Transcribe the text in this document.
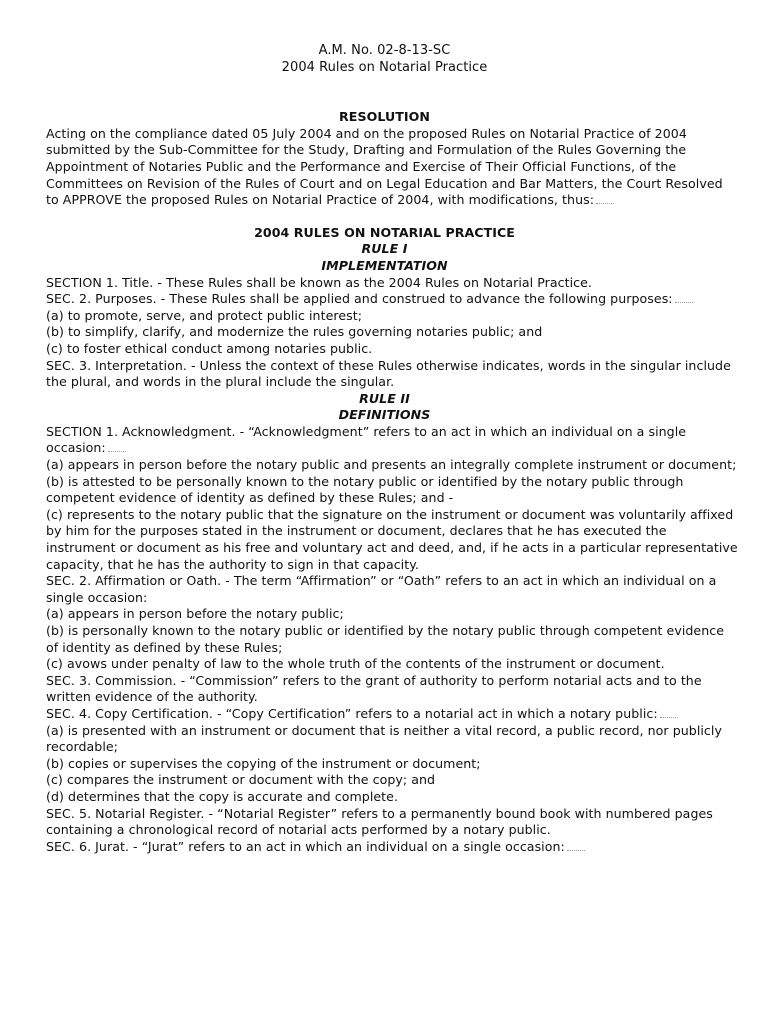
A.M. No. 02-8-13-SC
2004 Rules on Notarial Practice
RESOLUTION

Acting on the compliance dated 05 July 2004 and on the proposed Rules on Notarial Practice of 2004 submitted by the Sub-Committee for the Study, Drafting and Formulation of the Rules Governing the Appointment of Notaries Public and the Performance and Exercise of Their Official Functions, of the Committees on Revision of the Rules of Court and on Legal Education and Bar Matters, the Court Resolved to APPROVE the proposed Rules on Notarial Practice of 2004, with modifications, thus:

2004 RULES ON NOTARIAL PRACTICE
RULE I
IMPLEMENTATION

SECTION 1. Title. - These Rules shall be known as the 2004 Rules on Notarial Practice.

SEC. 2. Purposes. - These Rules shall be applied and construed to advance the following purposes:

(a) to promote, serve, and protect public interest;

(b) to simplify, clarify, and modernize the rules governing notaries public; and

(c) to foster ethical conduct among notaries public.

SEC. 3. Interpretation. - Unless the context of these Rules otherwise indicates, words in the singular include the plural, and words in the plural include the singular.

RULE II
DEFINITIONS

SECTION 1. Acknowledgment. - “Acknowledgment” refers to an act in which an individual on a single occasion:

(a) appears in person before the notary public and presents an integrally complete instrument or document;

(b) is attested to be personally known to the notary public or identified by the notary public through competent evidence of identity as defined by these Rules; and -

(c) represents to the notary public that the signature on the instrument or document was voluntarily affixed by him for the purposes stated in the instrument or document, declares that he has executed the instrument or document as his free and voluntary act and deed, and, if he acts in a particular representative capacity, that he has the authority to sign in that capacity.

SEC. 2. Affirmation or Oath. - The term “Affirmation” or “Oath” refers to an act in which an individual on a single occasion:

(a) appears in person before the notary public;

(b) is personally known to the notary public or identified by the notary public through competent evidence of identity as defined by these Rules;

(c) avows under penalty of law to the whole truth of the contents of the instrument or document.

SEC. 3. Commission. - “Commission” refers to the grant of authority to perform notarial acts and to the written evidence of the authority.

SEC. 4. Copy Certification. - “Copy Certification” refers to a notarial act in which a notary public:

(a) is presented with an instrument or document that is neither a vital record, a public record, nor publicly recordable;

(b) copies or supervises the copying of the instrument or document;

(c) compares the instrument or document with the copy; and

(d) determines that the copy is accurate and complete.

SEC. 5. Notarial Register. - “Notarial Register” refers to a permanently bound book with numbered pages containing a chronological record of notarial acts performed by a notary public.

SEC. 6. Jurat. - “Jurat” refers to an act in which an individual on a single occasion:
